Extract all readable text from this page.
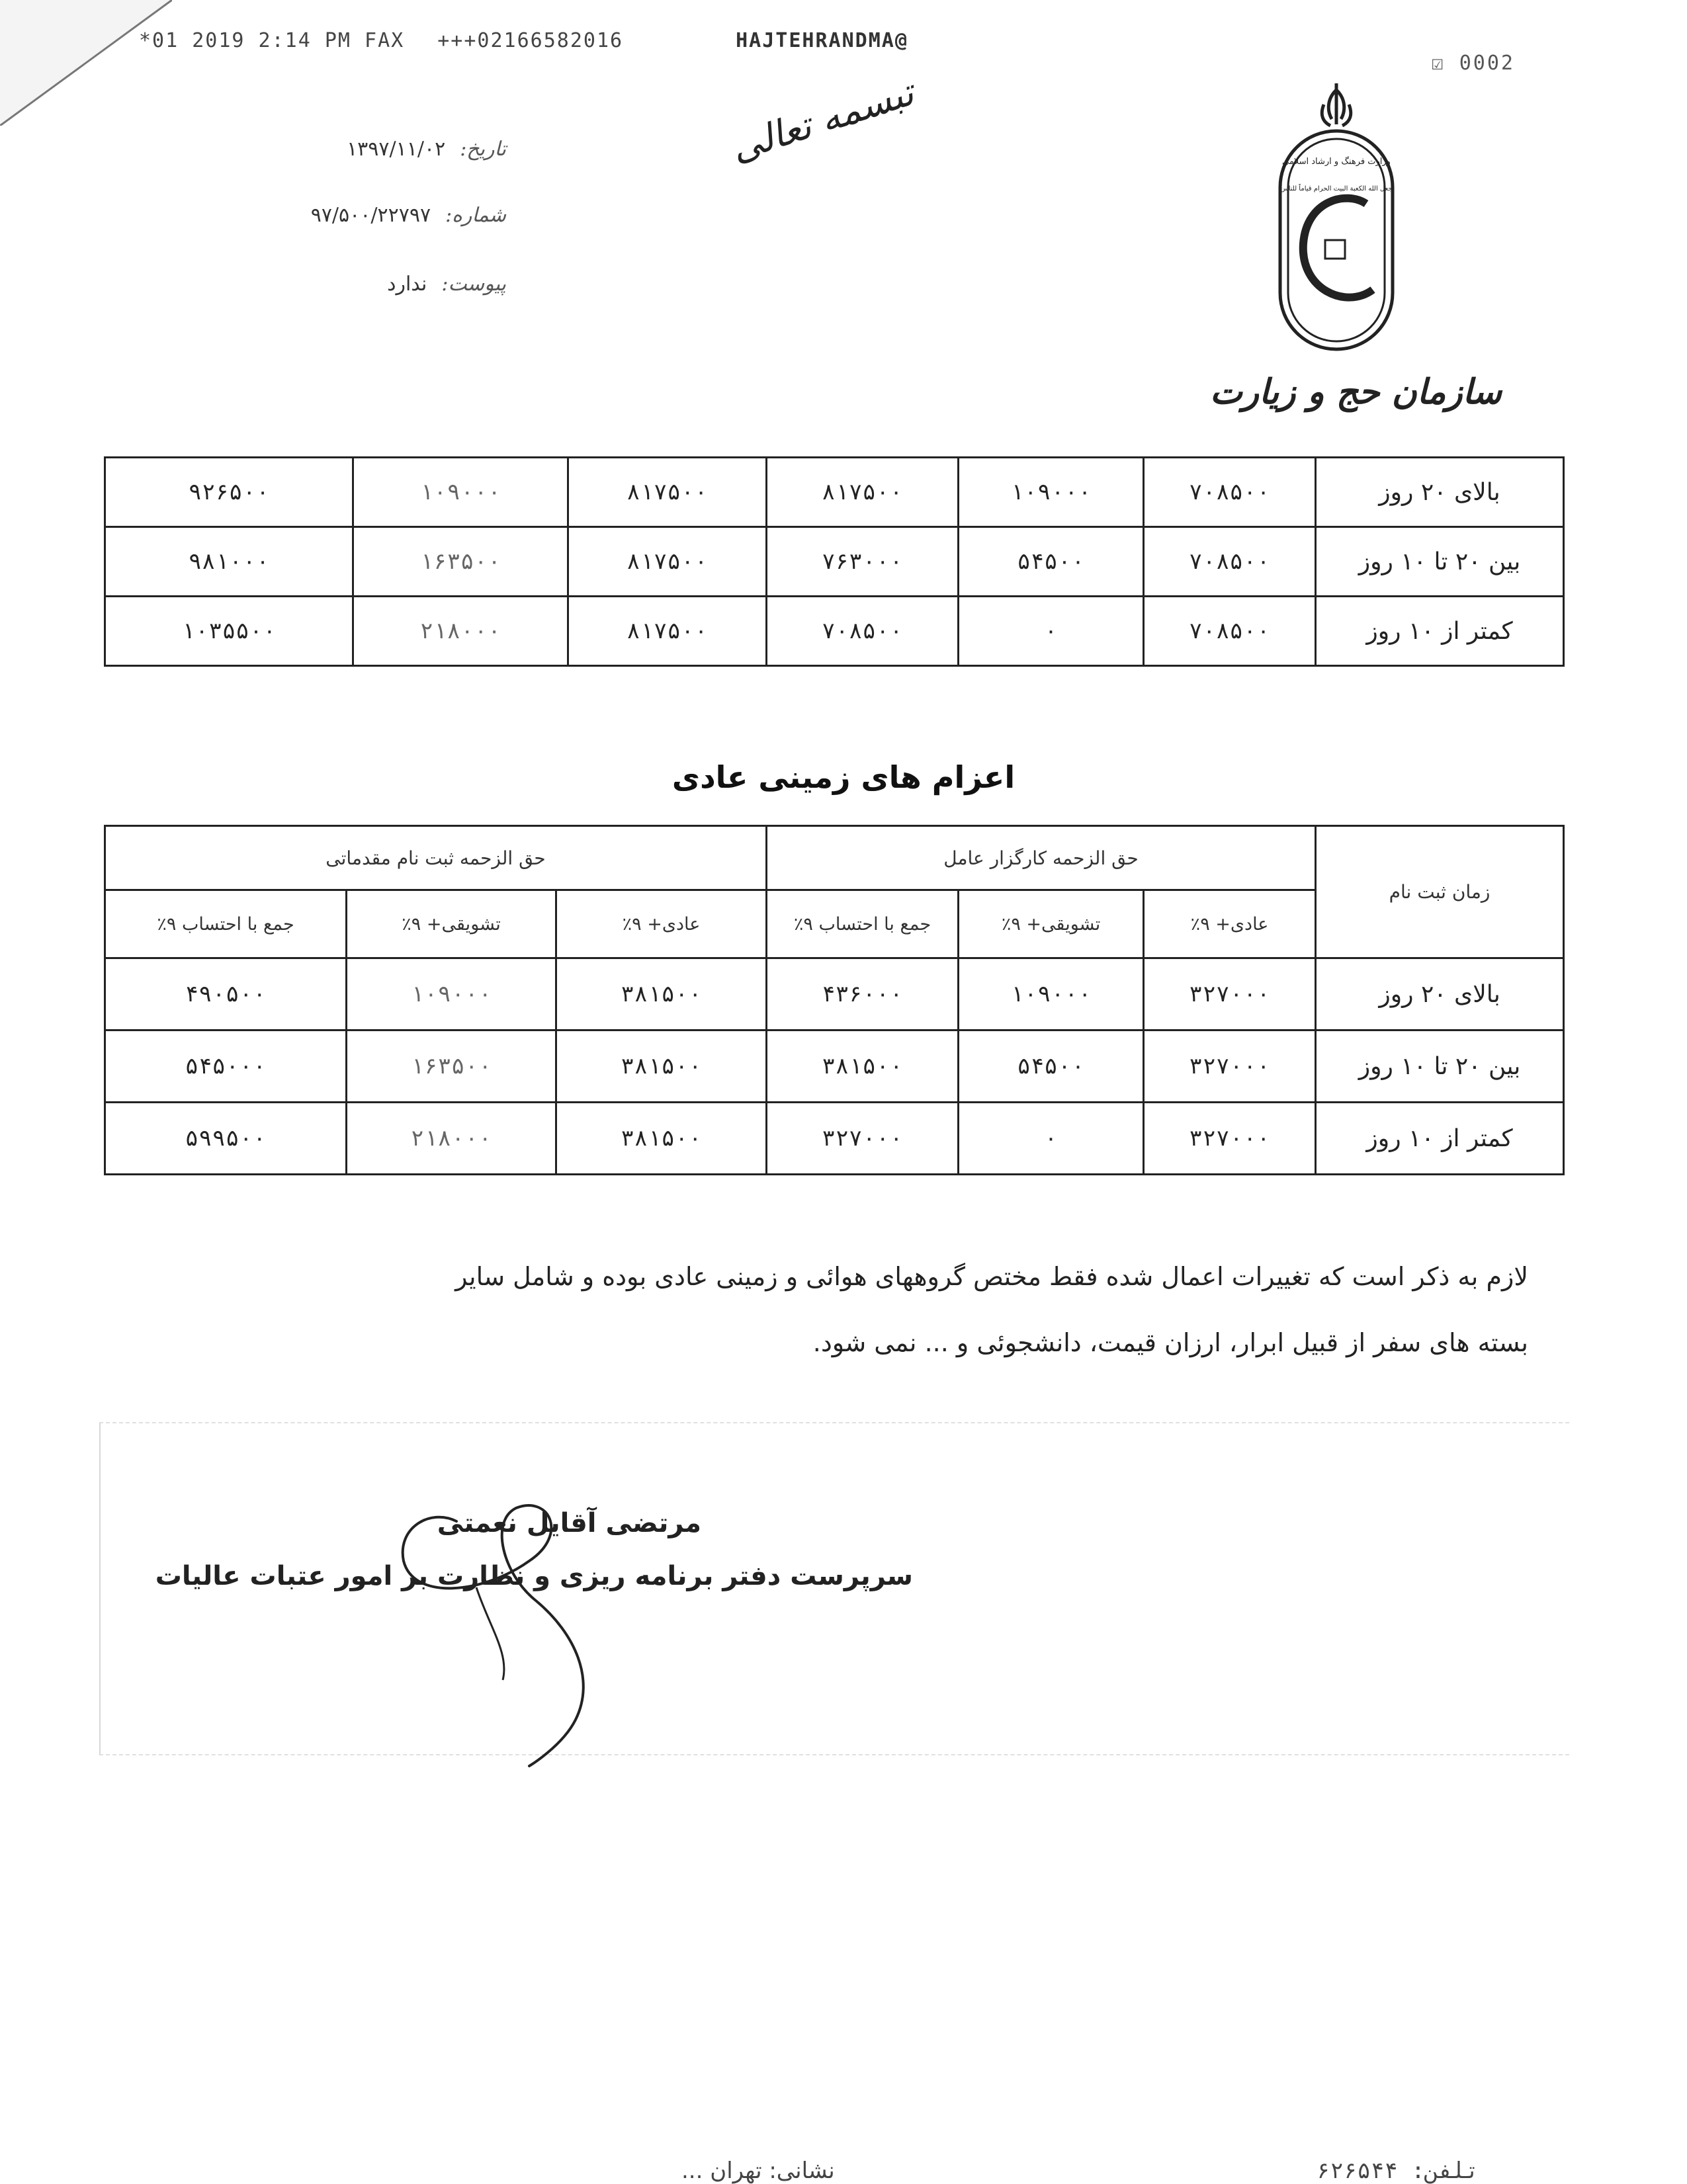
*01 2019 2:14 PM FAX +++02166582016	HAJTEHRANDMA@
☑ 0002
تاریخ:۱۳۹۷/۱۱/۰۲
شماره:۹۷/۵۰۰/۲۲۷۹۷
پیوست:ندارد
تبسمه تعالی	وزارت فرهنگ و ارشاد اسلامی
جعل الله الکعبة البیت الحرام قیاماً للناس
سازمان حج و زیارت
بالای ۲۰ روز	۷۰۸۵۰۰	۱۰۹۰۰۰	۸۱۷۵۰۰	۸۱۷۵۰۰	۱۰۹۰۰۰	۹۲۶۵۰۰
بین ۲۰ تا ۱۰ روز	۷۰۸۵۰۰	۵۴۵۰۰	۷۶۳۰۰۰	۸۱۷۵۰۰	۱۶۳۵۰۰	۹۸۱۰۰۰
کمتر از ۱۰ روز	۷۰۸۵۰۰	۰	۷۰۸۵۰۰	۸۱۷۵۰۰	۲۱۸۰۰۰	۱۰۳۵۵۰۰
اعزام های زمینی عادی
زمان ثبت نام	حق الزحمه کارگزار عامل			حق الزحمه ثبت نام مقدماتی		
	عادی+ ۹٪	تشویقی+ ۹٪	جمع با احتساب ۹٪	عادی+ ۹٪	تشویقی+ ۹٪	جمع با احتساب ۹٪
بالای ۲۰ روز	۳۲۷۰۰۰	۱۰۹۰۰۰	۴۳۶۰۰۰	۳۸۱۵۰۰	۱۰۹۰۰۰	۴۹۰۵۰۰
بین ۲۰ تا ۱۰ روز	۳۲۷۰۰۰	۵۴۵۰۰	۳۸۱۵۰۰	۳۸۱۵۰۰	۱۶۳۵۰۰	۵۴۵۰۰۰
کمتر از ۱۰ روز	۳۲۷۰۰۰	۰	۳۲۷۰۰۰	۳۸۱۵۰۰	۲۱۸۰۰۰	۵۹۹۵۰۰
لازم به ذکر است که تغییرات اعمال شده فقط مختص گروههای هوائی و زمینی عادی بوده و شامل سایر
بسته های سفر از قبیل ابرار، ارزان قیمت، دانشجوئی و ... نمی شود.
مرتضی آقایل نعمتی
سرپرست دفتر برنامه ریزی و نظارت بر امور عتبات عالیات
نشانی: تهران ...	تلفن: ۶۲۶۵۴۴
